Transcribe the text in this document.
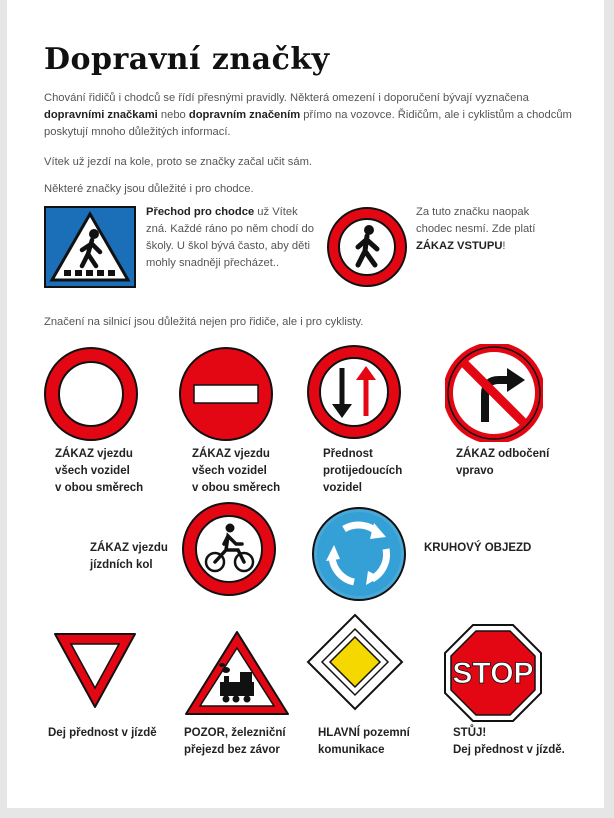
Dopravní značky
Chování řidičů i chodců se řídí přesnými pravidly. Některá omezení i doporučení bývají vyznačena dopravními značkami nebo dopravním značením přímo na vozovce. Řidičům, ale i cyklistům a chodcům poskytují mnoho důležitých informací.
Vítek už jezdí na kole, proto se značky začal učit sám.
Některé značky jsou důležité i pro chodce.
Přechod pro chodce už Vítek zná. Každé ráno po něm chodí do školy. U škol bývá často, aby děti mohly snadněji přecházet..
Za tuto značku naopak chodec nesmí. Zde platí ZÁKAZ VSTUPU!
Značení na silnicí jsou důležitá nejen pro řidiče, ale i pro cyklisty.
ZÁKAZ vjezdu
všech vozidel
v obou směrech
ZÁKAZ vjezdu
všech vozidel
v obou směrech
Přednost
protijedoucích
vozidel
ZÁKAZ odbočení
vpravo
ZÁKAZ vjezdu
jízdních kol
KRUHOVÝ OBJEZD
Dej přednost v jízdě POZOR, železniční
přejezd bez závor
HLAVNÍ pozemní
komunikace
STOP
STŮJ!
Dej přednost v jízdě.
